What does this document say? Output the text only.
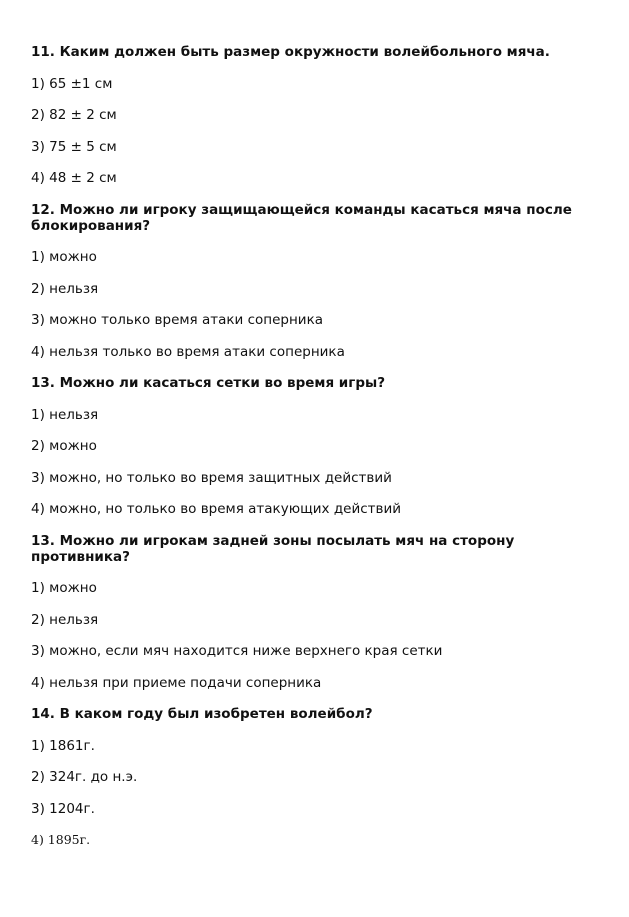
11. Каким должен быть размер окружности волейбольного мяча.

1) 65 ±1 см

2) 82 ± 2 см

3) 75 ± 5 см

4) 48 ± 2 см

12. Можно ли игроку защищающейся команды касаться мяча после блокирования?

1) можно

2) нельзя

3) можно только время атаки соперника

4) нельзя только во время атаки соперника

13. Можно ли касаться сетки во время игры?

1) нельзя

2) можно

3) можно, но только во время защитных действий

4) можно, но только во время атакующих действий

13. Можно ли игрокам задней зоны посылать мяч на сторону противника?

1) можно

2) нельзя

3) можно, если мяч находится ниже верхнего края сетки

4) нельзя при приеме подачи соперника

14. В каком году был изобретен волейбол?

1) 1861г.

2) 324г. до н.э.

3) 1204г.

4) 1895г.
